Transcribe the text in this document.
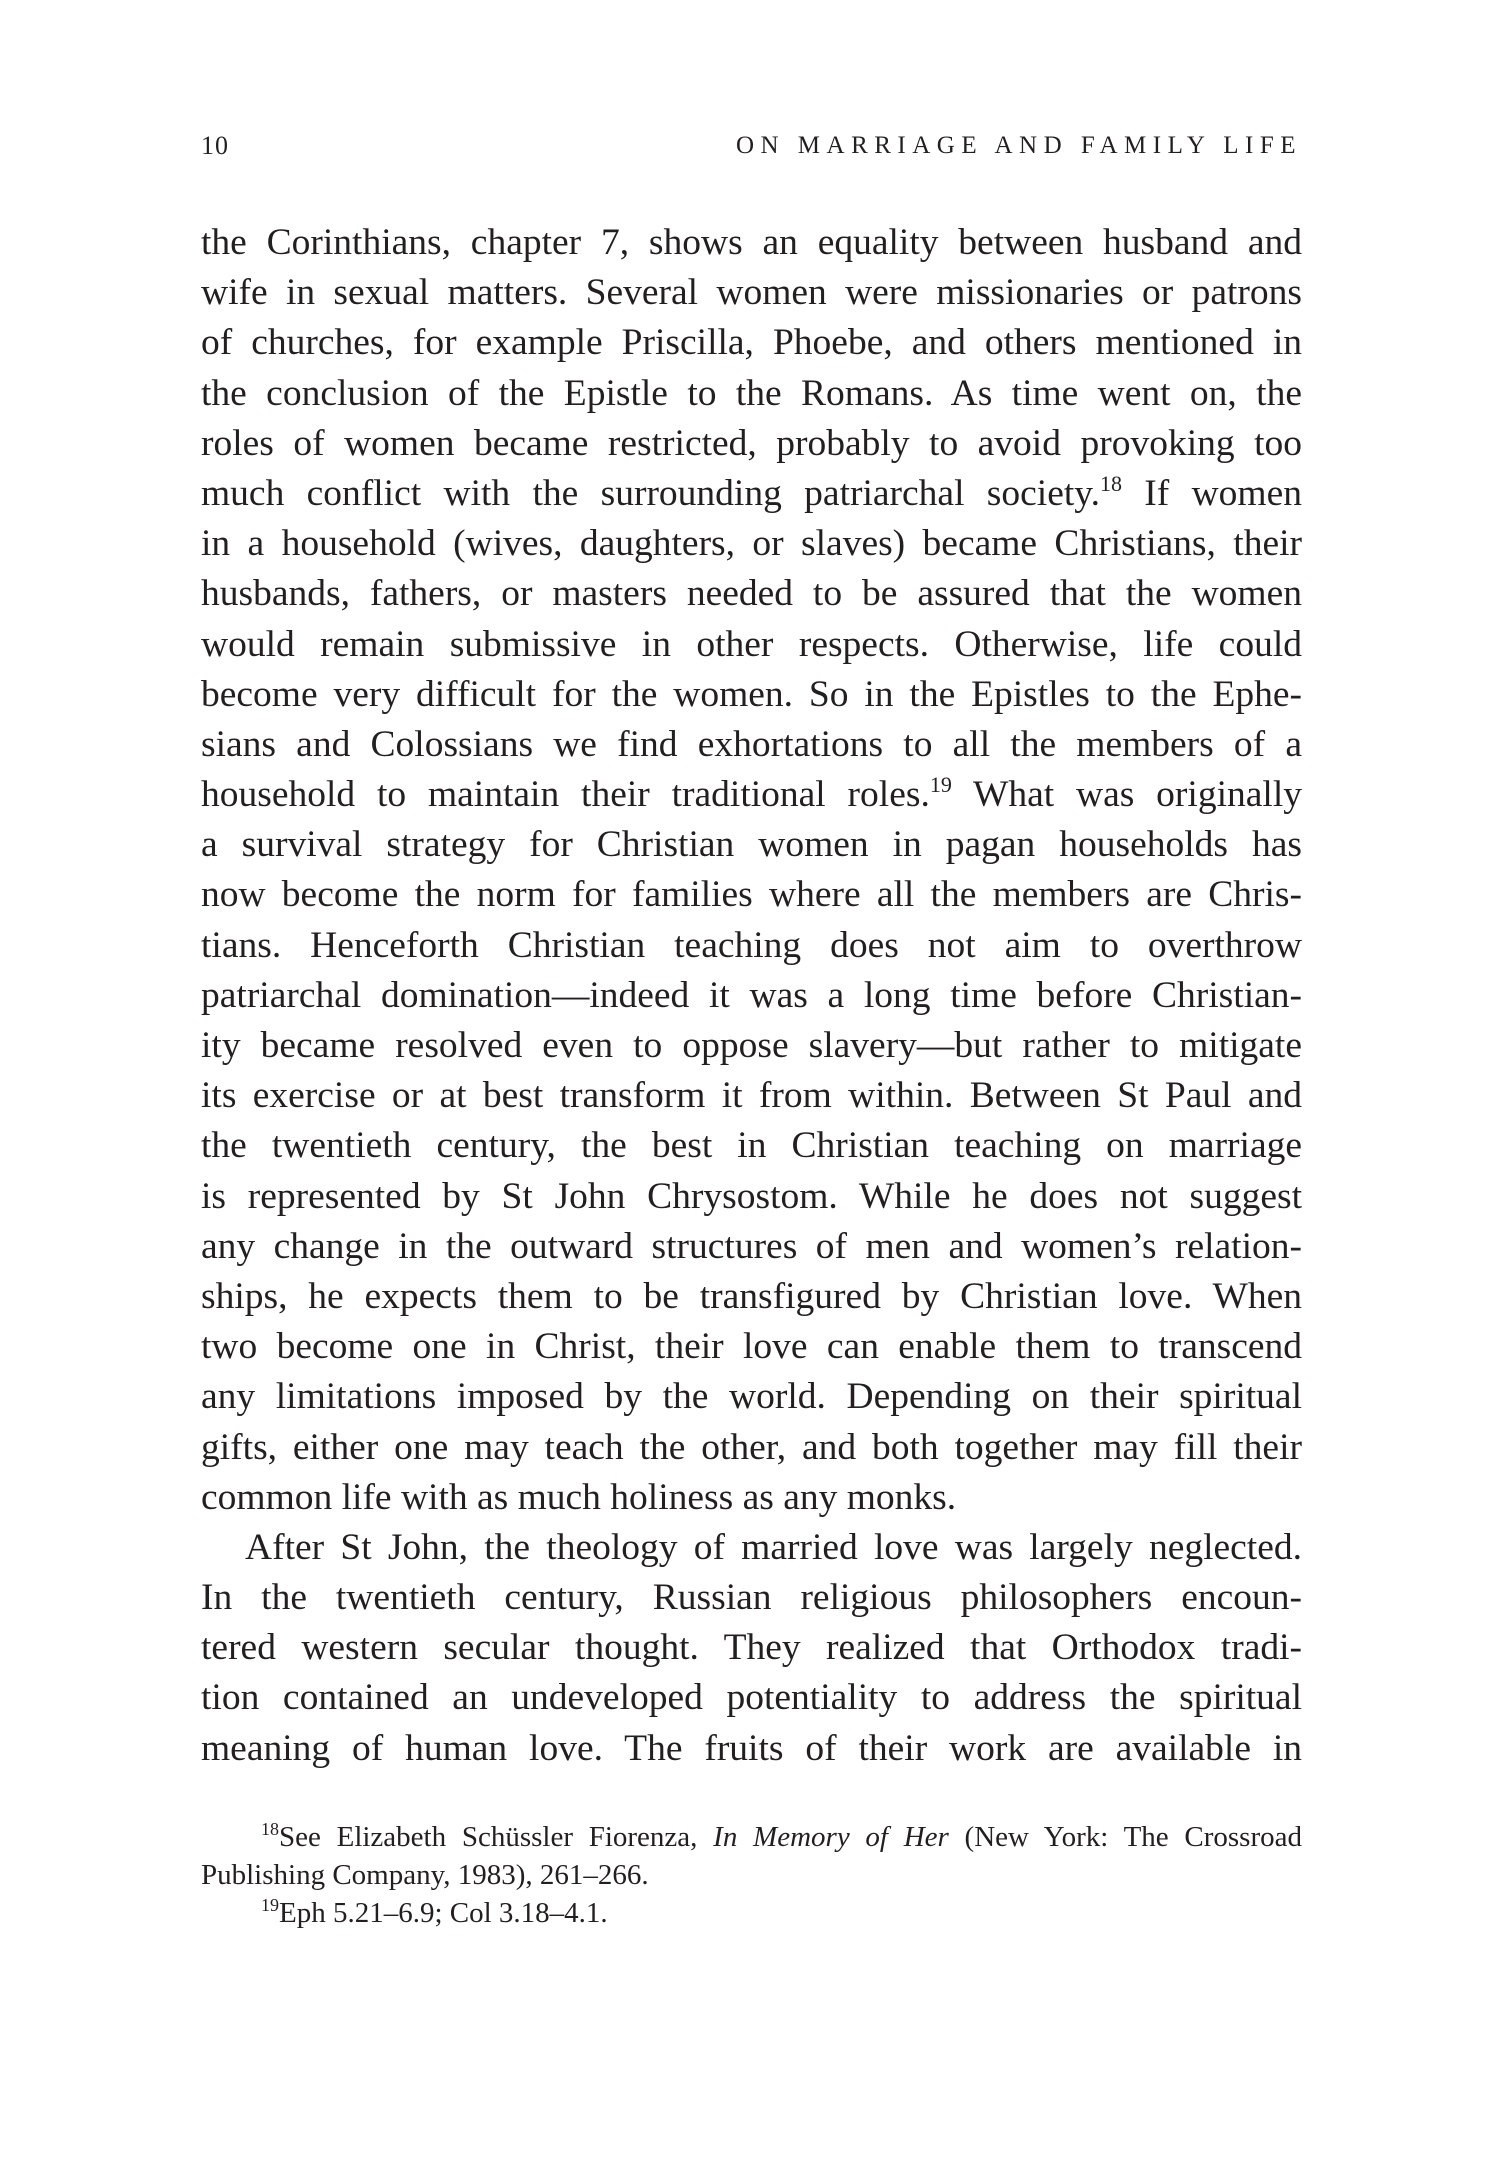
10	ON MARRIAGE AND FAMILY LIFE
the Corinthians, chapter 7, shows an equality between husband and
wife in sexual matters. Several women were missionaries or patrons
of churches, for example Priscilla, Phoebe, and others mentioned in
the conclusion of the Epistle to the Romans. As time went on, the
roles of women became restricted, probably to avoid provoking too
much conflict with the surrounding patriarchal society.$^{18}$ If women
in a household (wives, daughters, or slaves) became Christians, their
husbands, fathers, or masters needed to be assured that the women
would remain submissive in other respects. Otherwise, life could
become very difficult for the women. So in the Epistles to the Ephe-
sians and Colossians we find exhortations to all the members of a
household to maintain their traditional roles.$^{19}$ What was originally
a survival strategy for Christian women in pagan households has
now become the norm for families where all the members are Chris-
tians. Henceforth Christian teaching does not aim to overthrow
patriarchal domination—indeed it was a long time before Christian-
ity became resolved even to oppose slavery—but rather to mitigate
its exercise or at best transform it from within. Between St Paul and
the twentieth century, the best in Christian teaching on marriage
is represented by St John Chrysostom. While he does not suggest
any change in the outward structures of men and women’s relation-
ships, he expects them to be transfigured by Christian love. When
two become one in Christ, their love can enable them to transcend
any limitations imposed by the world. Depending on their spiritual
gifts, either one may teach the other, and both together may fill their
common life with as much holiness as any monks.
After St John, the theology of married love was largely neglected.
In the twentieth century, Russian religious philosophers encoun-
tered western secular thought. They realized that Orthodox tradi-
tion contained an undeveloped potentiality to address the spiritual
meaning of human love. The fruits of their work are available in
$^{18}$See Elizabeth Schüssler Fiorenza, In Memory of Her (New York: The Crossroad
Publishing Company, 1983), 261–266.
$^{19}$Eph 5.21–6.9; Col 3.18–4.1.
